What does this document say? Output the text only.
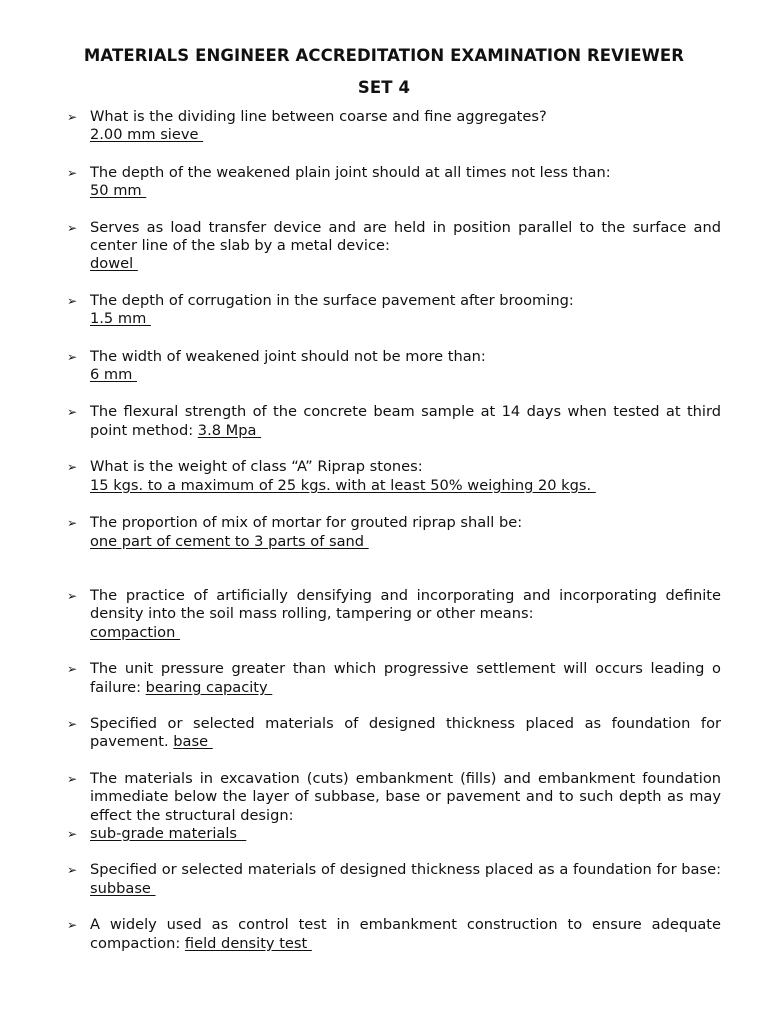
MATERIALS ENGINEER ACCREDITATION EXAMINATION REVIEWER
SET 4
➢ What is the dividing line between coarse and fine aggregates?
2.00 mm sieve
➢ The depth of the weakened plain joint should at all times not less than:
50 mm
➢ Serves as load transfer device and are held in position parallel to the surface and center line of the slab by a metal device:
dowel
➢ The depth of corrugation in the surface pavement after brooming:
1.5 mm
➢ The width of weakened joint should not be more than:
6 mm
➢ The flexural strength of the concrete beam sample at 14 days when tested at third point method: 3.8 Mpa
➢ What is the weight of class “A” Riprap stones:
15 kgs. to a maximum of 25 kgs. with at least 50% weighing 20 kgs.
➢ The proportion of mix of mortar for grouted riprap shall be:
one part of cement to 3 parts of sand
➢ The practice of artificially densifying and incorporating and incorporating definite density into the soil mass rolling, tampering or other means:
compaction
➢ The unit pressure greater than which progressive settlement will occurs leading o failure: bearing capacity
➢ Specified or selected materials of designed thickness placed as foundation for pavement. base
➢ The materials in excavation (cuts) embankment (fills) and embankment foundation immediate below the layer of subbase, base or pavement and to such depth as may effect the structural design:
➢ sub-grade materials
➢ Specified or selected materials of designed thickness placed as a foundation for base: subbase
➢ A widely used as control test in embankment construction to ensure adequate compaction: field density test
